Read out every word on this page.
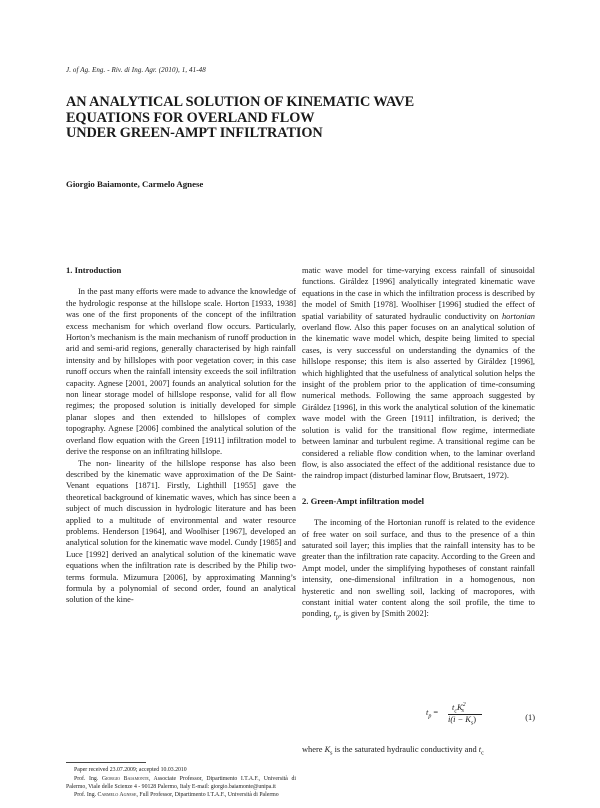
J. of Ag. Eng. - Riv. di Ing. Agr. (2010), 1, 41-48
AN ANALYTICAL SOLUTION OF KINEMATIC WAVE
EQUATIONS FOR OVERLAND FLOW
UNDER GREEN-AMPT INFILTRATION
Giorgio Baiamonte, Carmelo Agnese
1. Introduction

In the past many efforts were made to advance the knowledge of the hydrologic response at the hillslope scale. Horton [1933, 1938] was one of the first proponents of the concept of the infiltration excess mechanism for which overland flow occurs. Particularly, Horton’s mechanism is the main mechanism of runoff production in arid and semi-arid regions, generally characterised by high rainfall intensity and by hillslopes with poor vegetation cover; in this case runoff occurs when the rainfall intensity exceeds the soil infiltration capacity. Agnese [2001, 2007] founds an analytical solution for the non linear storage model of hillslope response, valid for all flow regimes; the proposed solution is initially developed for simple planar slopes and then extended to hillslopes of complex topography. Agnese [2006] combined the analytical solution of the overland flow equation with the Green [1911] infiltration model to derive the response on an infiltrating hillslope.

The non- linearity of the hillslope response has also been described by the kinematic wave approximation of the De Saint-Venant equations [1871]. Firstly, Lighthill [1955] gave the theoretical background of kinematic waves, which has since been a subject of much discussion in hydrologic literature and has been applied to a multitude of environmental and water resource problems. Henderson [1964], and Woolhiser [1967], developed an analytical solution for the kinematic wave model. Cundy [1985] and Luce [1992] derived an analytical solution of the kinematic wave equations when the infiltration rate is described by the Philip two-terms formula. Mizumura [2006], by approximating Manning’s formula by a polynomial of second order, found an analytical solution of the kine-

matic wave model for time-varying excess rainfall of sinusoidal functions. Giráldez [1996] analytically integrated kinematic wave equations in the case in which the infiltration process is described by the model of Smith [1978]. Woolhiser [1996] studied the effect of spatial variability of saturated hydraulic conductivity on hortonian overland flow. Also this paper focuses on an analytical solution of the kinematic wave model which, despite being limited to special cases, is very successful on understanding the dynamics of the hillslope response; this item is also asserted by Giráldez [1996], which highlighted that the usefulness of analytical solution helps the insight of the problem prior to the application of time-consuming numerical methods. Following the same approach suggested by Giráldez [1996], in this work the analytical solution of the kinematic wave model with the Green [1911] infiltration, is derived; the solution is valid for the transitional flow regime, intermediate between laminar and turbulent regime. A transitional regime can be considered a reliable flow condition when, to the laminar overland flow, is also associated the effect of the additional resistance due to the raindrop impact (disturbed laminar flow, Brutsaert, 1972).

2. Green-Ampt infiltration model

The incoming of the Hortonian runoff is related to the evidence of free water on soil surface, and thus to the presence of a thin saturated soil layer; this implies that the rainfall intensity has to be greater than the infiltration rate capacity. According to the Green and Ampt model, under the simplifying hypotheses of constant rainfall intensity, one-dimensional infiltration in a homogenous, non hysteretic and non swelling soil, lacking of macropores, with constant initial water content along the soil profile, the time to ponding, $t_p$, is given by [Smith 2002]:

$t_p$ =
$t_cK^2_s$
$i(i - K_s)$	(1)
where $K_s$ is the saturated hydraulic conductivity and $t_c$
Paper received 23.07.2009; accepted 10.03.2010
Prof. Ing. Giorgio Baiamonte, Associate Professor, Dipartimento I.T.A.F., Università di Palermo, Viale delle Scienze 4 - 90128 Palermo, Italy E-mail: giorgio.baiamonte@unipa.it
Prof. Ing. Carmelo Agnese, Full Professor, Dipartimento I.T.A.F., Università di Palermo
